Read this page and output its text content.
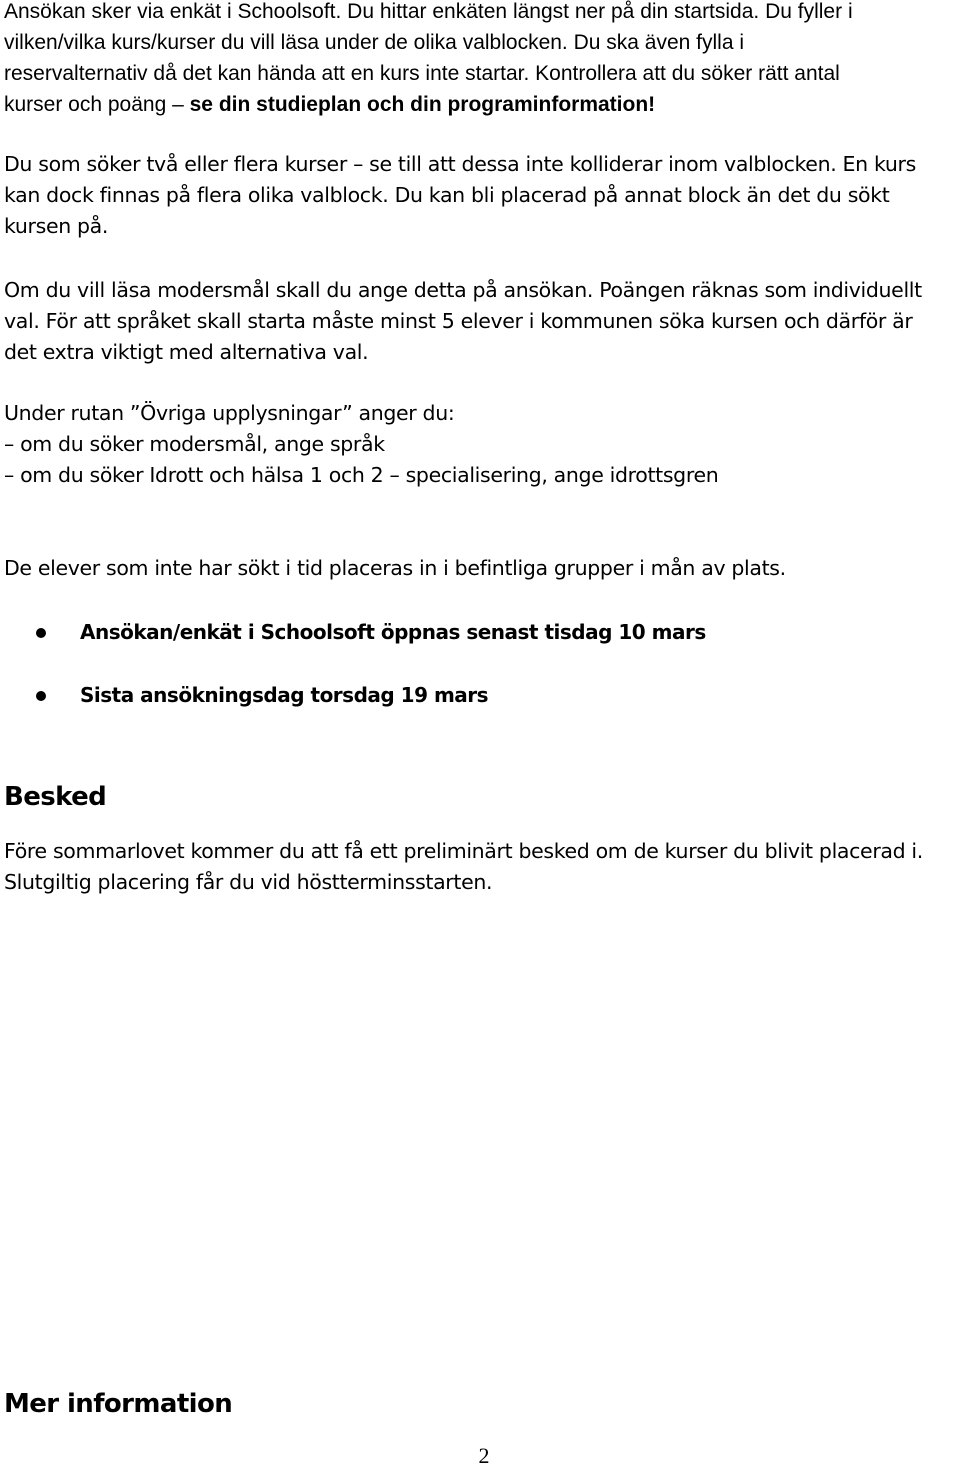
Ansökan sker via enkät i Schoolsoft. Du hittar enkäten längst ner på din startsida. Du fyller i
vilken/vilka kurs/kurser du vill läsa under de olika valblocken. Du ska även fylla i
reservalternativ då det kan hända att en kurs inte startar. Kontrollera att du söker rätt antal
kurser och poäng – se din studieplan och din programinformation!
Du som söker två eller flera kurser – se till att dessa inte kolliderar inom valblocken. En kurs
kan dock finnas på flera olika valblock. Du kan bli placerad på annat block än det du sökt
kursen på.
Om du vill läsa modersmål skall du ange detta på ansökan. Poängen räknas som individuellt
val. För att språket skall starta måste minst 5 elever i kommunen söka kursen och därför är
det extra viktigt med alternativa val.
Under rutan ”Övriga upplysningar” anger du:
– om du söker modersmål, ange språk
– om du söker Idrott och hälsa 1 och 2 – specialisering, ange idrottsgren
De elever som inte har sökt i tid placeras in i befintliga grupper i mån av plats.
Ansökan/enkät i Schoolsoft öppnas senast tisdag 10 mars
Sista ansökningsdag torsdag 19 mars
Besked
Före sommarlovet kommer du att få ett preliminärt besked om de kurser du blivit placerad i.
Slutgiltig placering får du vid höstterminsstarten.
Mer information
2
